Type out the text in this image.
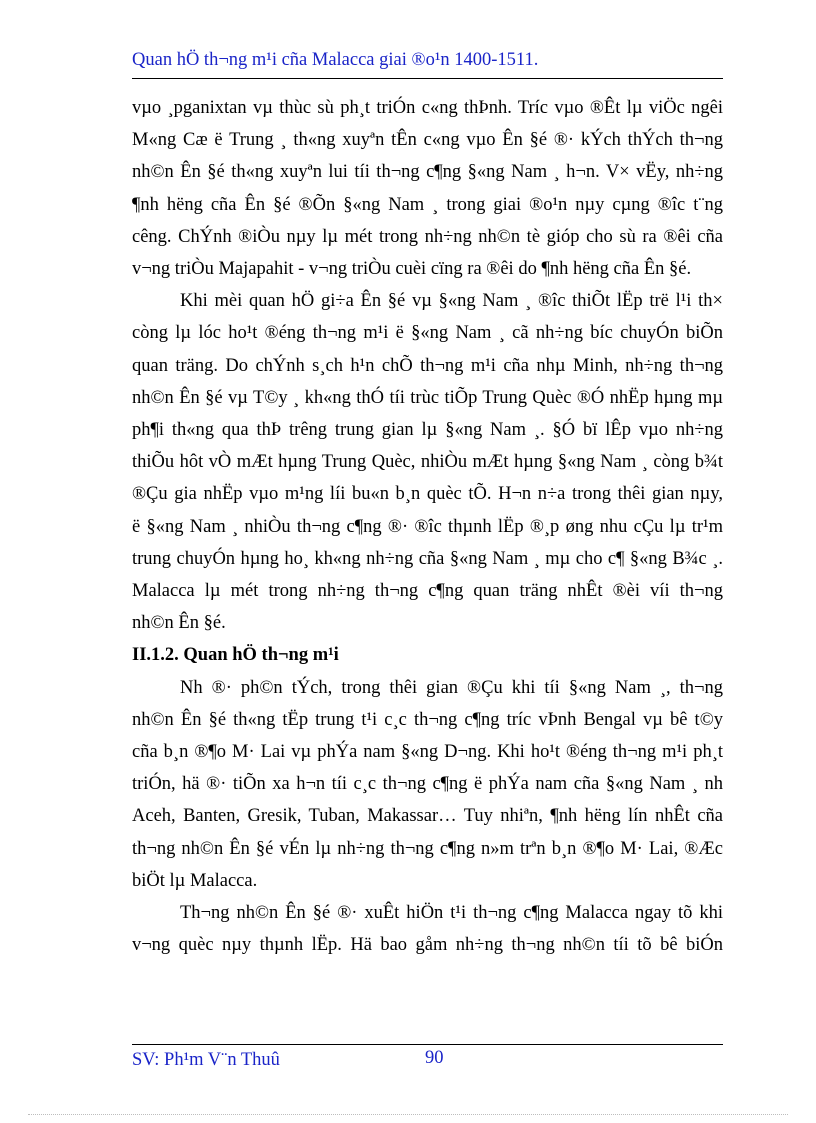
Quan hÖ th¬ng m¹i cña Malacca giai ®o¹n 1400-1511.

vµo ¸pganixtan vµ thùc sù ph¸t triÓn c«ng thÞnh. Tríc vµo ®Êt lµ viÖc ngêi
M«ng Cæ ë Trung ¸ th«ng xuyªn tÊn c«ng vµo Ên §é ®· kÝch thÝch th¬ng
nh©n Ên §é th«ng xuyªn lui tíi th¬ng c¶ng §«ng Nam ¸ h¬n. V× vËy, nh÷ng
¶nh hëng cña Ên §é ®Õn §«ng Nam ¸ trong giai ®o¹n nµy cµng ®îc t¨ng
cêng. ChÝnh ®iÒu nµy lµ mét trong nh÷ng nh©n tè gióp cho sù ra ®êi cña
v¬ng triÒu Majapahit - v¬ng triÒu cuèi cïng ra ®êi do ¶nh hëng cña Ên §é.

Khi mèi quan hÖ gi÷a Ên §é vµ §«ng Nam ¸ ®îc thiÕt lËp trë l¹i th×
còng lµ lóc ho¹t ®éng th¬ng m¹i ë §«ng Nam ¸ cã nh÷ng bíc chuyÓn biÕn
quan träng. Do chÝnh s¸ch h¹n chÕ th¬ng m¹i cña nhµ Minh, nh÷ng th¬ng
nh©n Ên §é vµ T©y ¸ kh«ng thÓ tíi trùc tiÕp Trung Quèc ®Ó nhËp hµng mµ
ph¶i th«ng qua thÞ trêng trung gian lµ §«ng Nam ¸. §Ó bï lÊp vµo nh÷ng
thiÕu hôt vÒ mÆt hµng Trung Quèc, nhiÒu mÆt hµng §«ng Nam ¸ còng b¾t
®Çu gia nhËp vµo m¹ng líi bu«n b¸n quèc tÕ. H¬n n÷a trong thêi gian nµy,
ë §«ng Nam ¸ nhiÒu th¬ng c¶ng ®· ®îc thµnh lËp ®¸p øng nhu cÇu lµ tr¹m
trung chuyÓn hµng ho¸ kh«ng nh÷ng cña §«ng Nam ¸ mµ cho c¶ §«ng B¾c ¸.
Malacca lµ mét trong nh÷ng th¬ng c¶ng quan träng nhÊt ®èi víi th¬ng
nh©n Ên §é.

II.1.2. Quan hÖ th¬ng m¹i

Nh ®· ph©n tÝch, trong thêi gian ®Çu khi tíi §«ng Nam ¸, th¬ng
nh©n Ên §é th«ng tËp trung t¹i c¸c th¬ng c¶ng tríc vÞnh Bengal vµ bê t©y
cña b¸n ®¶o M· Lai vµ phÝa nam §«ng D¬ng. Khi ho¹t ®éng th¬ng m¹i ph¸t
triÓn, hä ®· tiÕn xa h¬n tíi c¸c th¬ng c¶ng ë phÝa nam cña §«ng Nam ¸ nh
Aceh, Banten, Gresik, Tuban, Makassar… Tuy nhiªn, ¶nh hëng lín nhÊt cña
th¬ng nh©n Ên §é vÉn lµ nh÷ng th¬ng c¶ng n»m trªn b¸n ®¶o M· Lai, ®Æc
biÖt lµ Malacca.

Th¬ng nh©n Ên §é ®· xuÊt hiÖn t¹i th¬ng c¶ng Malacca ngay tõ khi
v¬ng quèc nµy thµnh lËp. Hä bao gåm nh÷ng th¬ng nh©n tíi tõ bê biÓn

SV: Ph¹m V¨n Thuû	90
